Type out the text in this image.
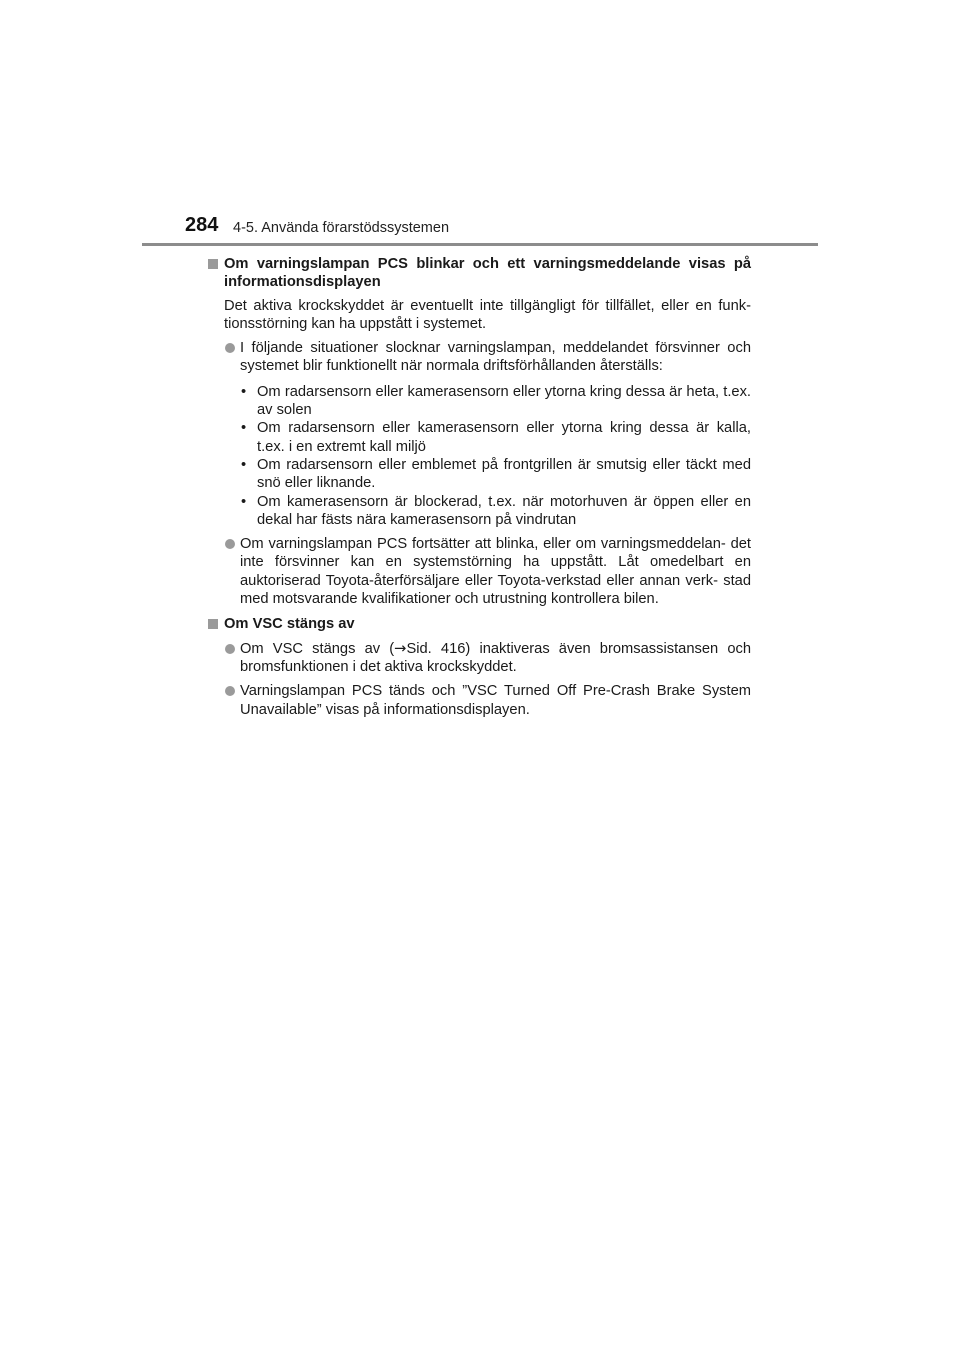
284 4-5. Använda förarstödssystemen
Om varningslampan PCS blinkar och ett varningsmeddelande visas på informationsdisplayen
Det aktiva krockskyddet är eventuellt inte tillgängligt för tillfället, eller en funk- tionsstörning kan ha uppstått i systemet.
I följande situationer slocknar varningslampan, meddelandet försvinner och systemet blir funktionellt när normala driftsförhållanden återställs:
• Om radarsensorn eller kamerasensorn eller ytorna kring dessa är heta, t.ex. av solen
• Om radarsensorn eller kamerasensorn eller ytorna kring dessa är kalla, t.ex. i en extremt kall miljö
• Om radarsensorn eller emblemet på frontgrillen är smutsig eller täckt med snö eller liknande.
• Om kamerasensorn är blockerad, t.ex. när motorhuven är öppen eller en dekal har fästs nära kamerasensorn på vindrutan
Om varningslampan PCS fortsätter att blinka, eller om varningsmeddelan- det inte försvinner kan en systemstörning ha uppstått. Låt omedelbart en auktoriserad Toyota-återförsäljare eller Toyota-verkstad eller annan verk- stad med motsvarande kvalifikationer och utrustning kontrollera bilen.
Om VSC stängs av
Om VSC stängs av (→Sid. 416) inaktiveras även bromsassistansen och bromsfunktionen i det aktiva krockskyddet.
Varningslampan PCS tänds och ”VSC Turned Off Pre-Crash Brake System Unavailable” visas på informationsdisplayen.
